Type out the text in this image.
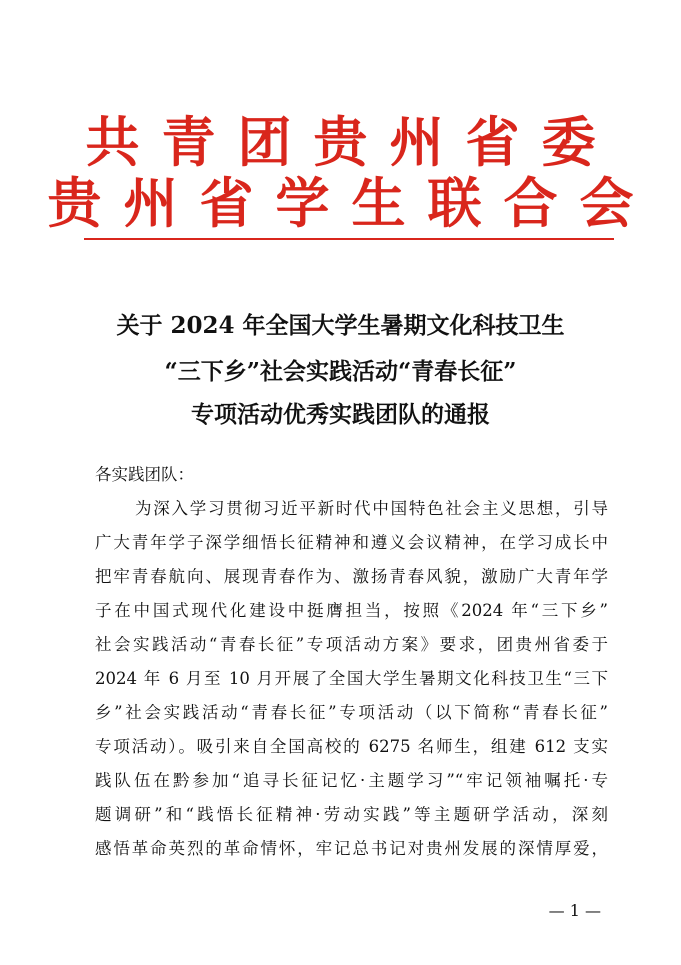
共青团贵州省委
贵州省学生联合会
关于 2024 年全国大学生暑期文化科技卫生
“三下乡”社会实践活动“青春长征”
专项活动优秀实践团队的通报
各实践团队：
为深入学习贯彻习近平新时代中国特色社会主义思想，引导
广大青年学子深学细悟长征精神和遵义会议精神，在学习成长中
把牢青春航向、展现青春作为、激扬青春风貌，激励广大青年学
子在中国式现代化建设中挺膺担当，按照《2024 年“三下乡”
社会实践活动“青春长征”专项活动方案》要求，团贵州省委于
2024 年 6 月至 10 月开展了全国大学生暑期文化科技卫生“三下
乡”社会实践活动“青春长征”专项活动（以下简称“青春长征”
专项活动）。吸引来自全国高校的 6275 名师生，组建 612 支实
践队伍在黔参加“追寻长征记忆·主题学习”“牢记领袖嘱托·专
题调研”和“践悟长征精神·劳动实践”等主题研学活动，深刻
感悟革命英烈的革命情怀，牢记总书记对贵州发展的深情厚爱，
— 1 —
